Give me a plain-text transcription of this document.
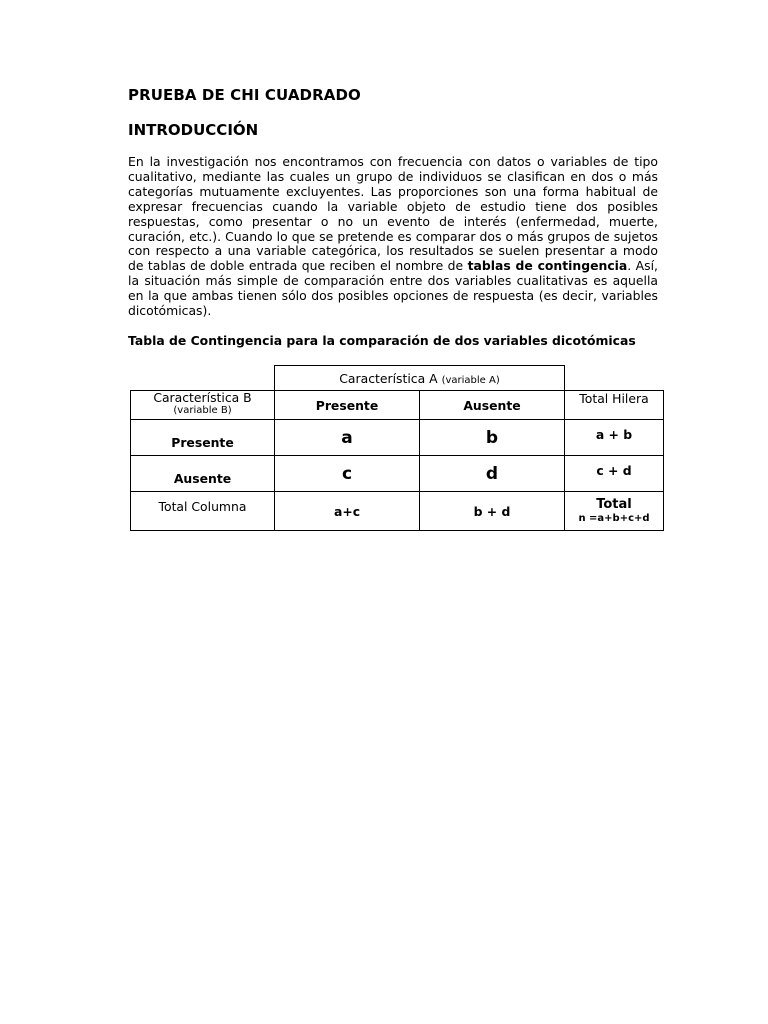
PRUEBA DE CHI CUADRADO
INTRODUCCIÓN

En la investigación nos encontramos con frecuencia con datos o variables de tipo cualitativo, mediante las cuales un grupo de individuos se clasifican en dos o más categorías mutuamente excluyentes. Las proporciones son una forma habitual de expresar frecuencias cuando la variable objeto de estudio tiene dos posibles respuestas, como presentar o no un evento de interés (enfermedad, muerte, curación, etc.). Cuando lo que se pretende es comparar dos o más grupos de sujetos con respecto a una variable categórica, los resultados se suelen presentar a modo de tablas de doble entrada que reciben el nombre de tablas de contingencia. Así, la situación más simple de comparación entre dos variables cualitativas es aquella en la que ambas tienen sólo dos posibles opciones de respuesta (es decir, variables dicotómicas).

Tabla de Contingencia para la comparación de dos variables dicotómicas

	Característica A (variable A)		

Característica B
(variable B)	Presente	Ausente	Total Hilera
Presente	a	b	a + b
Ausente	c	d	c + d
Total Columna	a+c	b + d	Total
n =a+b+c+d
